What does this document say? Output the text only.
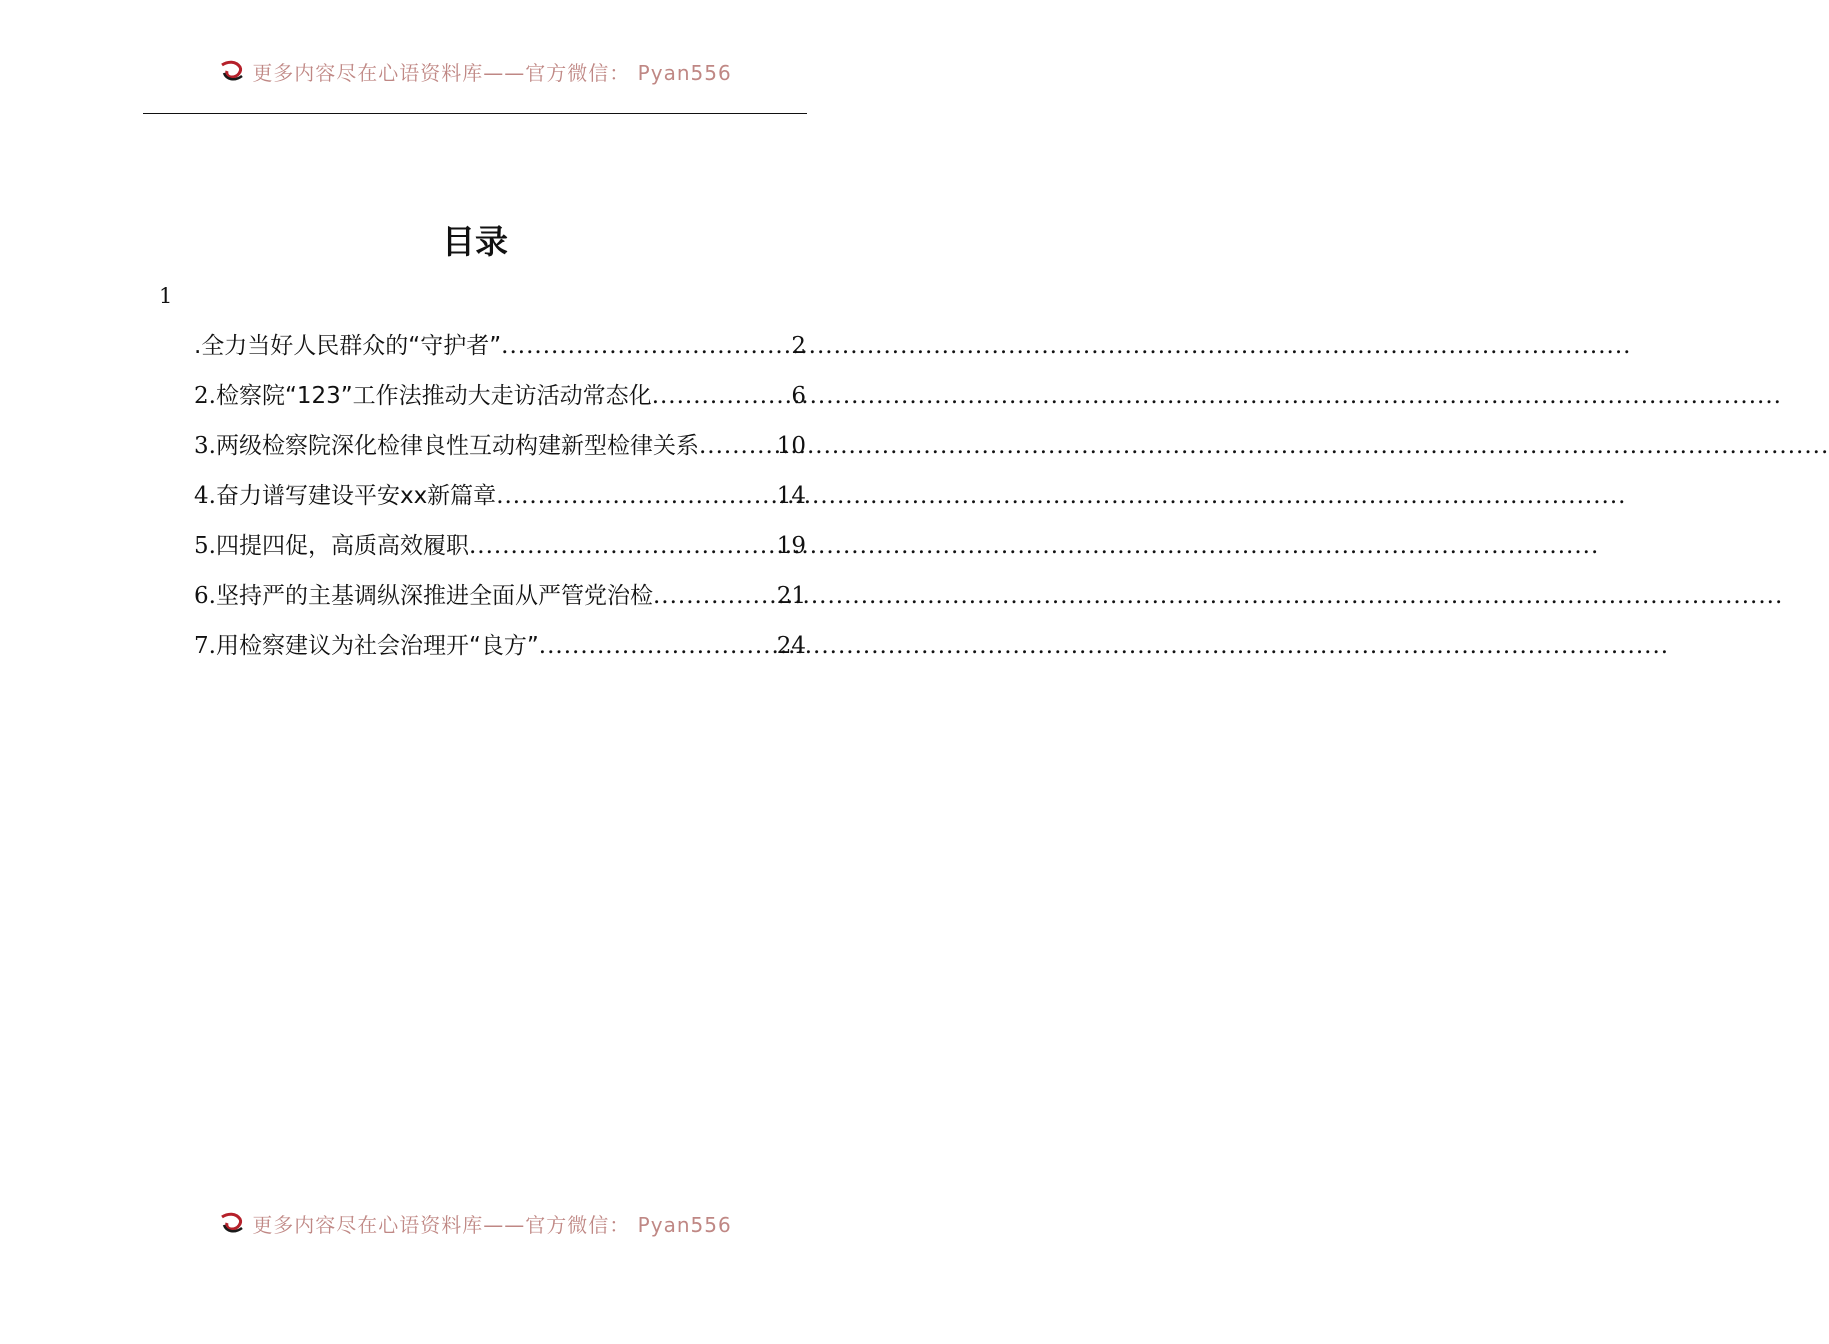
更多内容尽在心语资料库——官方微信： Pyan556
目录
1
.全力当好人民群众的“守护者” .....	2
2. 检察院“123”工作法推动大走访活动常态化 .....	6
3. 两级检察院深化检律良性互动构建新型检律关系 .....	10
4. 奋力谱写建设平安xx新篇章 .....	14
5. 四提四促，高质高效履职 .....	19
6. 坚持严的主基调纵深推进全面从严管党治检 .....	21
7. 用检察建议为社会治理开“良方” .....	24
更多内容尽在心语资料库——官方微信： Pyan556
